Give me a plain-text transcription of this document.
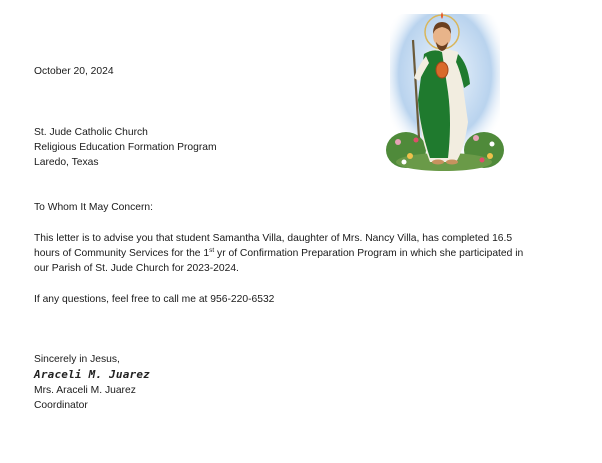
October 20, 2024
St. Jude Catholic Church
Religious Education Formation Program
Laredo, Texas
To Whom It May Concern:
This letter is to advise you that student Samantha Villa, daughter of Mrs. Nancy Villa, has completed 16.5 hours of Community Services for the 1st yr of Confirmation Preparation Program in which she participated in our Parish of St. Jude Church for 2023-2024.
If any questions, feel free to call me at 956-220-6532
Sincerely in Jesus,
Araceli M. Juarez
Mrs. Araceli M. Juarez
Coordinator
